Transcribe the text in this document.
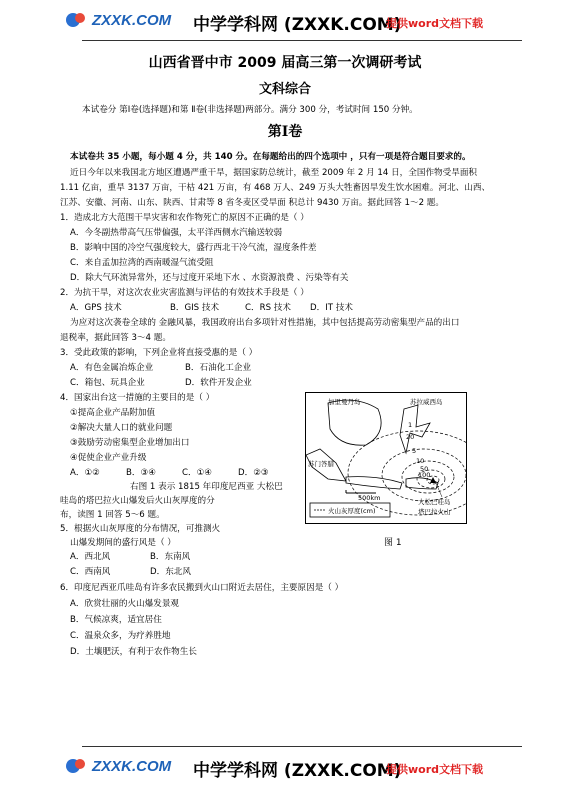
ZXXK.COM 中学学科网 (ZXXK.COM)
提供word文档下载
山西省晋中市 2009 届高三第一次调研考试
文科综合
本试卷分 第Ⅰ卷(选择题)和第 Ⅱ卷(非选择题)两部分。满分 300 分，考试时间 150 分钟。
第Ⅰ卷
本试卷共 35 小题，每小题 4 分，共 140 分。在每题给出的四个选项中 ，只有一项是符合题目要求的。
近日今年以来我国北方地区遭遇严重干旱，据国家防总统计，截至 2009 年 2 月 14 日，全国作物受旱面积
1.11 亿亩，重旱 3137 万亩，干枯 421 万亩，有 468 万人、249 万头大牲畜因旱发生饮水困难。河北、山西、
江苏、安徽、河南、山东、陕西、甘肃等 8 省冬麦区受旱面 积总计 9430 万亩。据此回答 1～2 题。
1．造成北方大范围干旱灾害和农作物死亡的原因不正确的是（ ）
A．今冬副热带高气压带偏强，太平洋西侧水汽输送较弱
B．影响中国的冷空气强度较大，盛行西北干冷气流，湿度条件差
C．来自孟加拉湾的西南暖湿气流受阻
D．除大气环流异常外，还与过度开采地下水 、水资源浪费 、污染等有关
2．为抗干旱，对这次农业灾害监测与评估的有效技术手段是（ ）
A．GPS 技术	B．GIS 技术	C．RS 技术 D．IT 技术
为应对这次袭卷全球的 金融风暴，我国政府出台多项针对性措施，其中包括提高劳动密集型产品的出口
退税率，据此回答 3～4 题。
3．受此政策的影响，下列企业将直接受惠的是（ ）
A．有色金属冶炼企业	B．石油化工企业
C．箱包、玩具企业	D．软件开发企业
4．国家出台这一措施的主要目的是（ ）
①提高企业产品附加值
②解决大量人口的就业问题
③鼓励劳动密集型企业增加出口
④促使企业产业升级
A．①②	B．③④	C．①④	D．②③
右图 1 表示 1815 年印度尼西亚 大松巴
哇岛的塔巴拉火山爆发后火山灰厚度的分
布，读图 1 回答 5～6 题。
5．根据火山灰厚度的分布情况，可推测火
山爆发期间的盛行风是（ ）
A．西北风	B．东南风
C．西南风	D．东北风
6．印度尼西亚爪哇岛有许多农民搬到火山口附近去居住，主要原因是（ ）
A．欣赏壮丽的火山爆发景观
B．气候凉爽，适宜居住
C．温泉众多，为疗养胜地
D．土壤肥沃，有利于农作物生长
加里曼丹岛	苏拉威西岛
苏门答腊
大松巴哇岛
塔巴拉火山
火山灰厚度(cm)
500km
20
1
5
10
50
100
图 1
ZXXK.COM 中学学科网 (ZXXK.COM)
提供word文档下载
